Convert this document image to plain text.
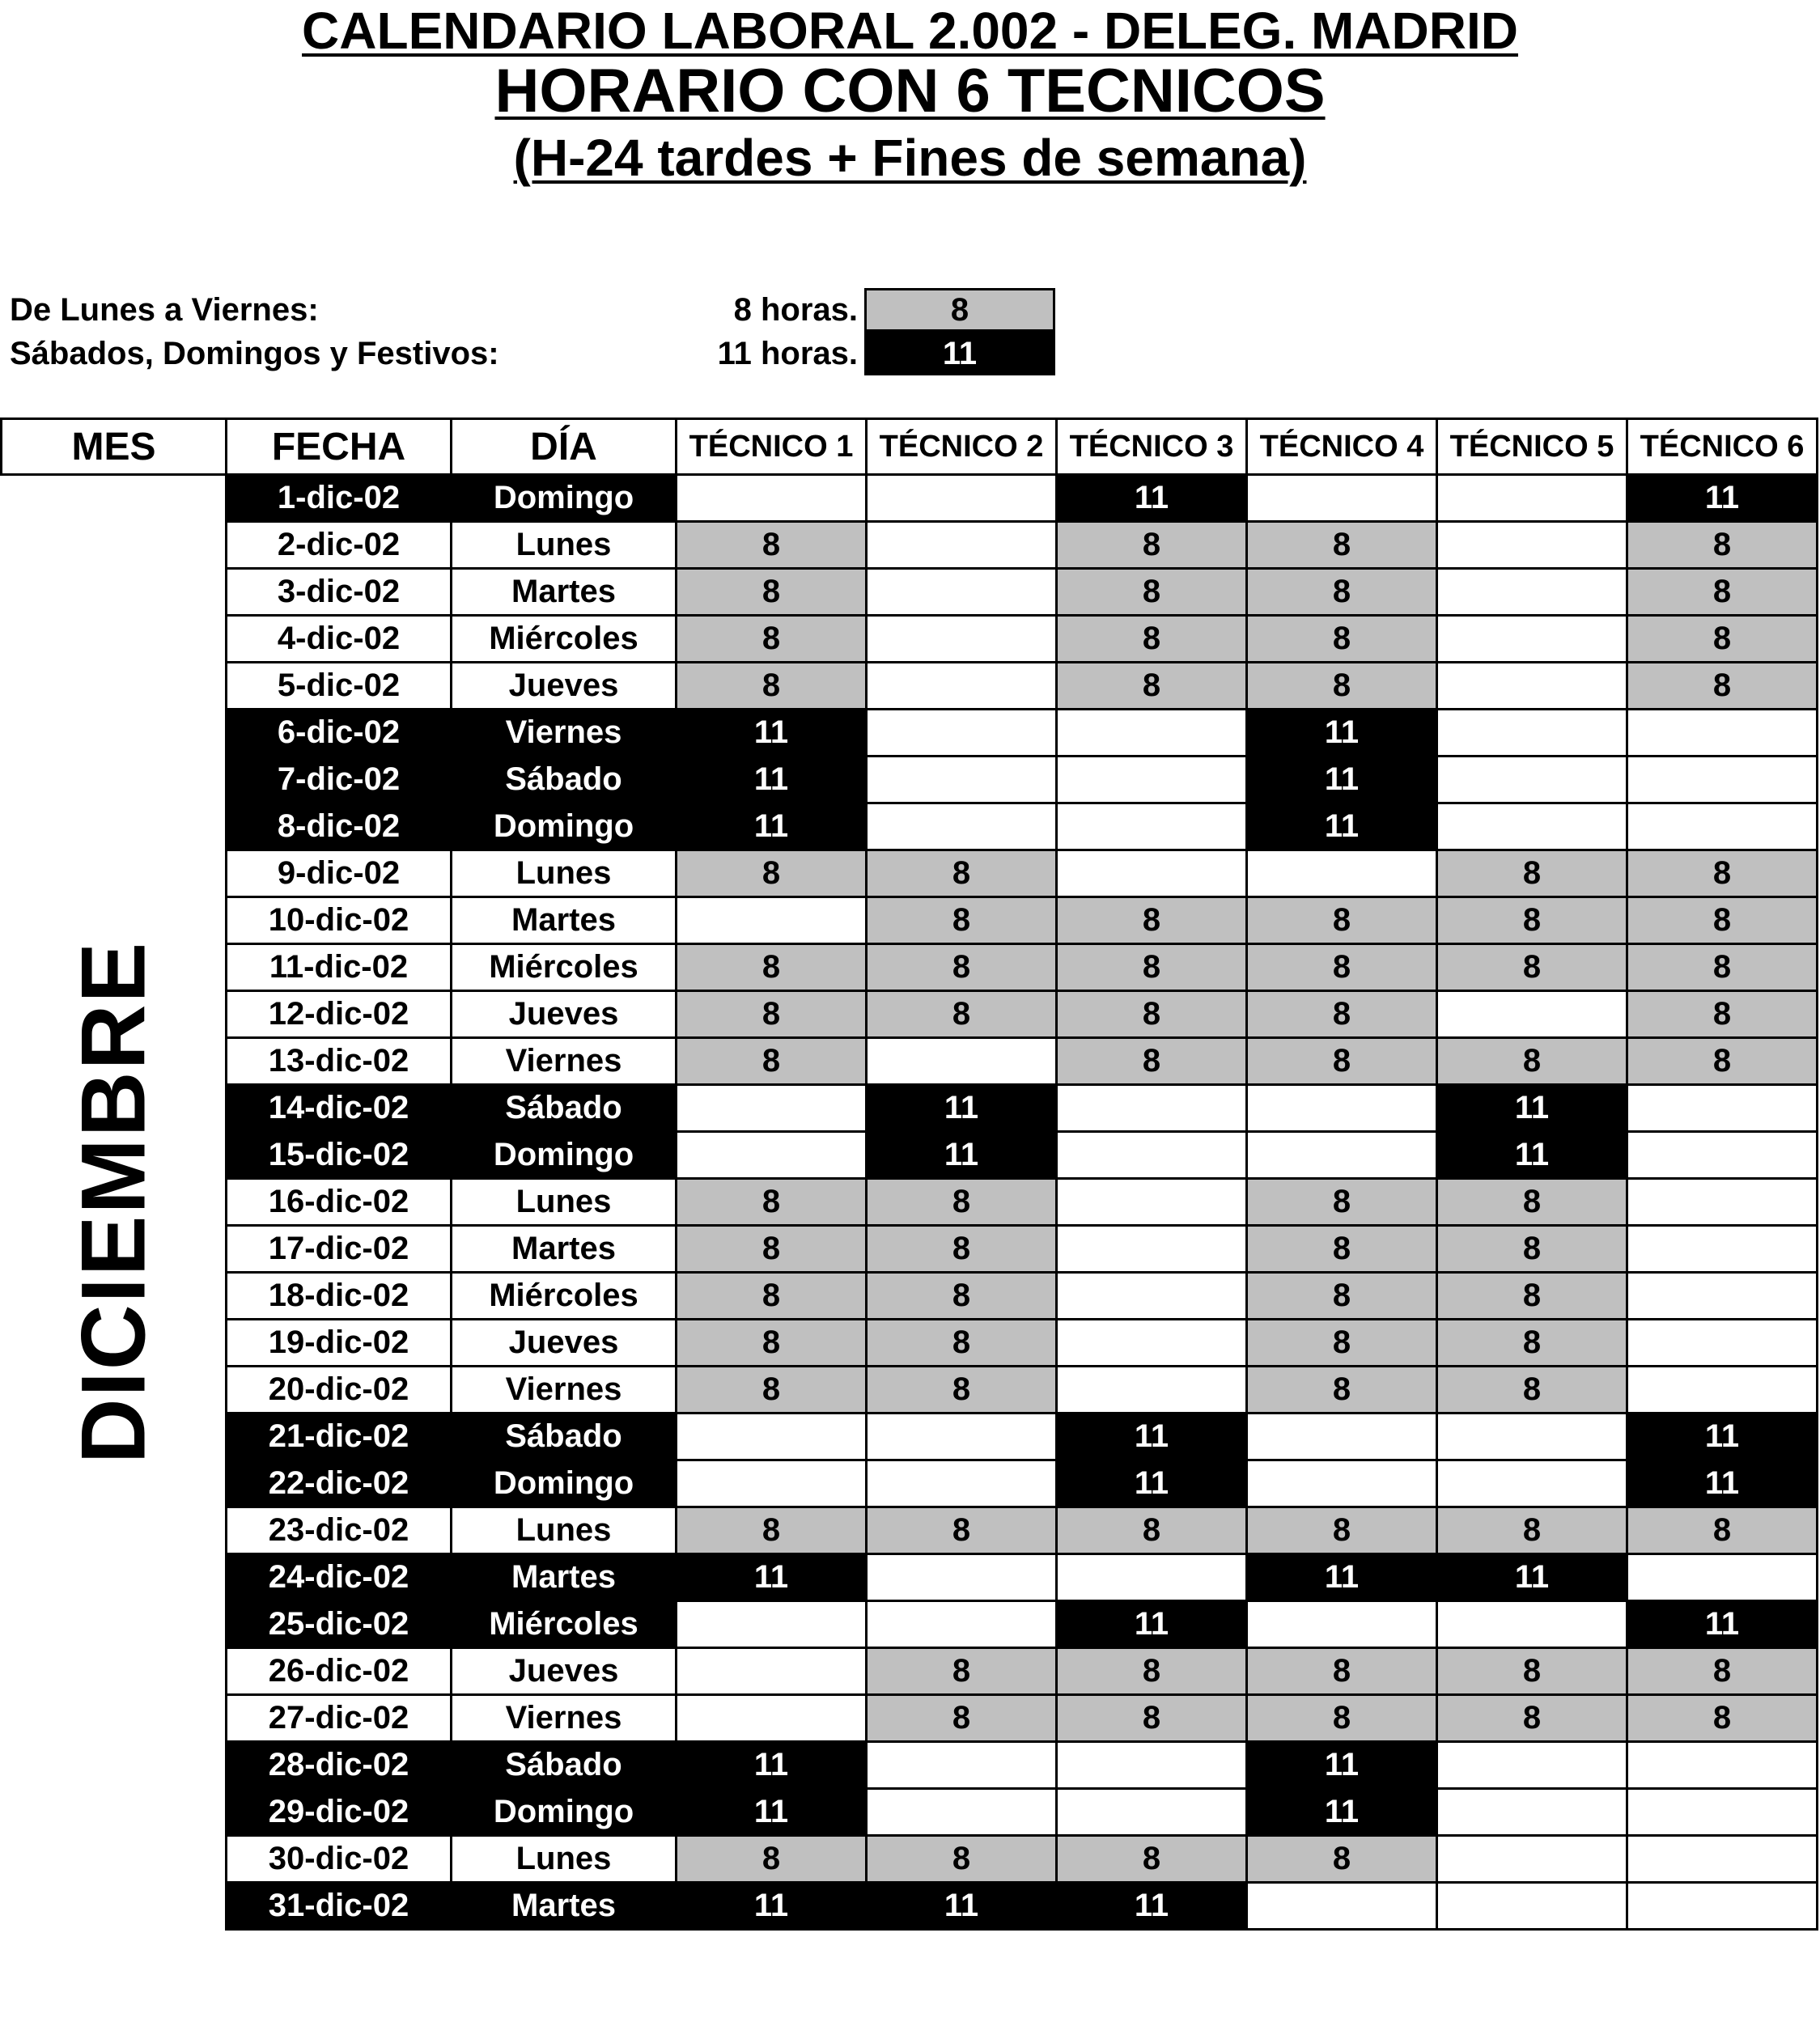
CALENDARIO LABORAL 2.002 - DELEG. MADRID
HORARIO CON 6 TECNICOS
(H-24 tardes + Fines de semana)
De Lunes a Viernes:	8 horas.	8
Sábados, Domingos y Festivos:	11 horas.	11
MES	FECHA	DÍA	TÉCNICO 1	TÉCNICO 2	TÉCNICO 3	TÉCNICO 4	TÉCNICO 5	TÉCNICO 6

DICIEMBRE	1-dic-02	Domingo			11			11
	2-dic-02	Lunes	8		8	8		8
	3-dic-02	Martes	8		8	8		8
	4-dic-02	Miércoles	8		8	8		8
	5-dic-02	Jueves	8		8	8		8
	6-dic-02	Viernes	11			11		
	7-dic-02	Sábado	11			11		
	8-dic-02	Domingo	11			11		
	9-dic-02	Lunes	8	8			8	8
	10-dic-02	Martes		8	8	8	8	8
	11-dic-02	Miércoles	8	8	8	8	8	8
	12-dic-02	Jueves	8	8	8	8		8
	13-dic-02	Viernes	8		8	8	8	8
	14-dic-02	Sábado		11			11	
	15-dic-02	Domingo		11			11	
	16-dic-02	Lunes	8	8		8	8	
	17-dic-02	Martes	8	8		8	8	
	18-dic-02	Miércoles	8	8		8	8	
	19-dic-02	Jueves	8	8		8	8	
	20-dic-02	Viernes	8	8		8	8	
	21-dic-02	Sábado			11			11
	22-dic-02	Domingo			11			11
	23-dic-02	Lunes	8	8	8	8	8	8
	24-dic-02	Martes	11			11	11	
	25-dic-02	Miércoles			11			11
	26-dic-02	Jueves		8	8	8	8	8
	27-dic-02	Viernes		8	8	8	8	8
	28-dic-02	Sábado	11			11		
	29-dic-02	Domingo	11			11		
	30-dic-02	Lunes	8	8	8	8		
	31-dic-02	Martes	11	11	11			
